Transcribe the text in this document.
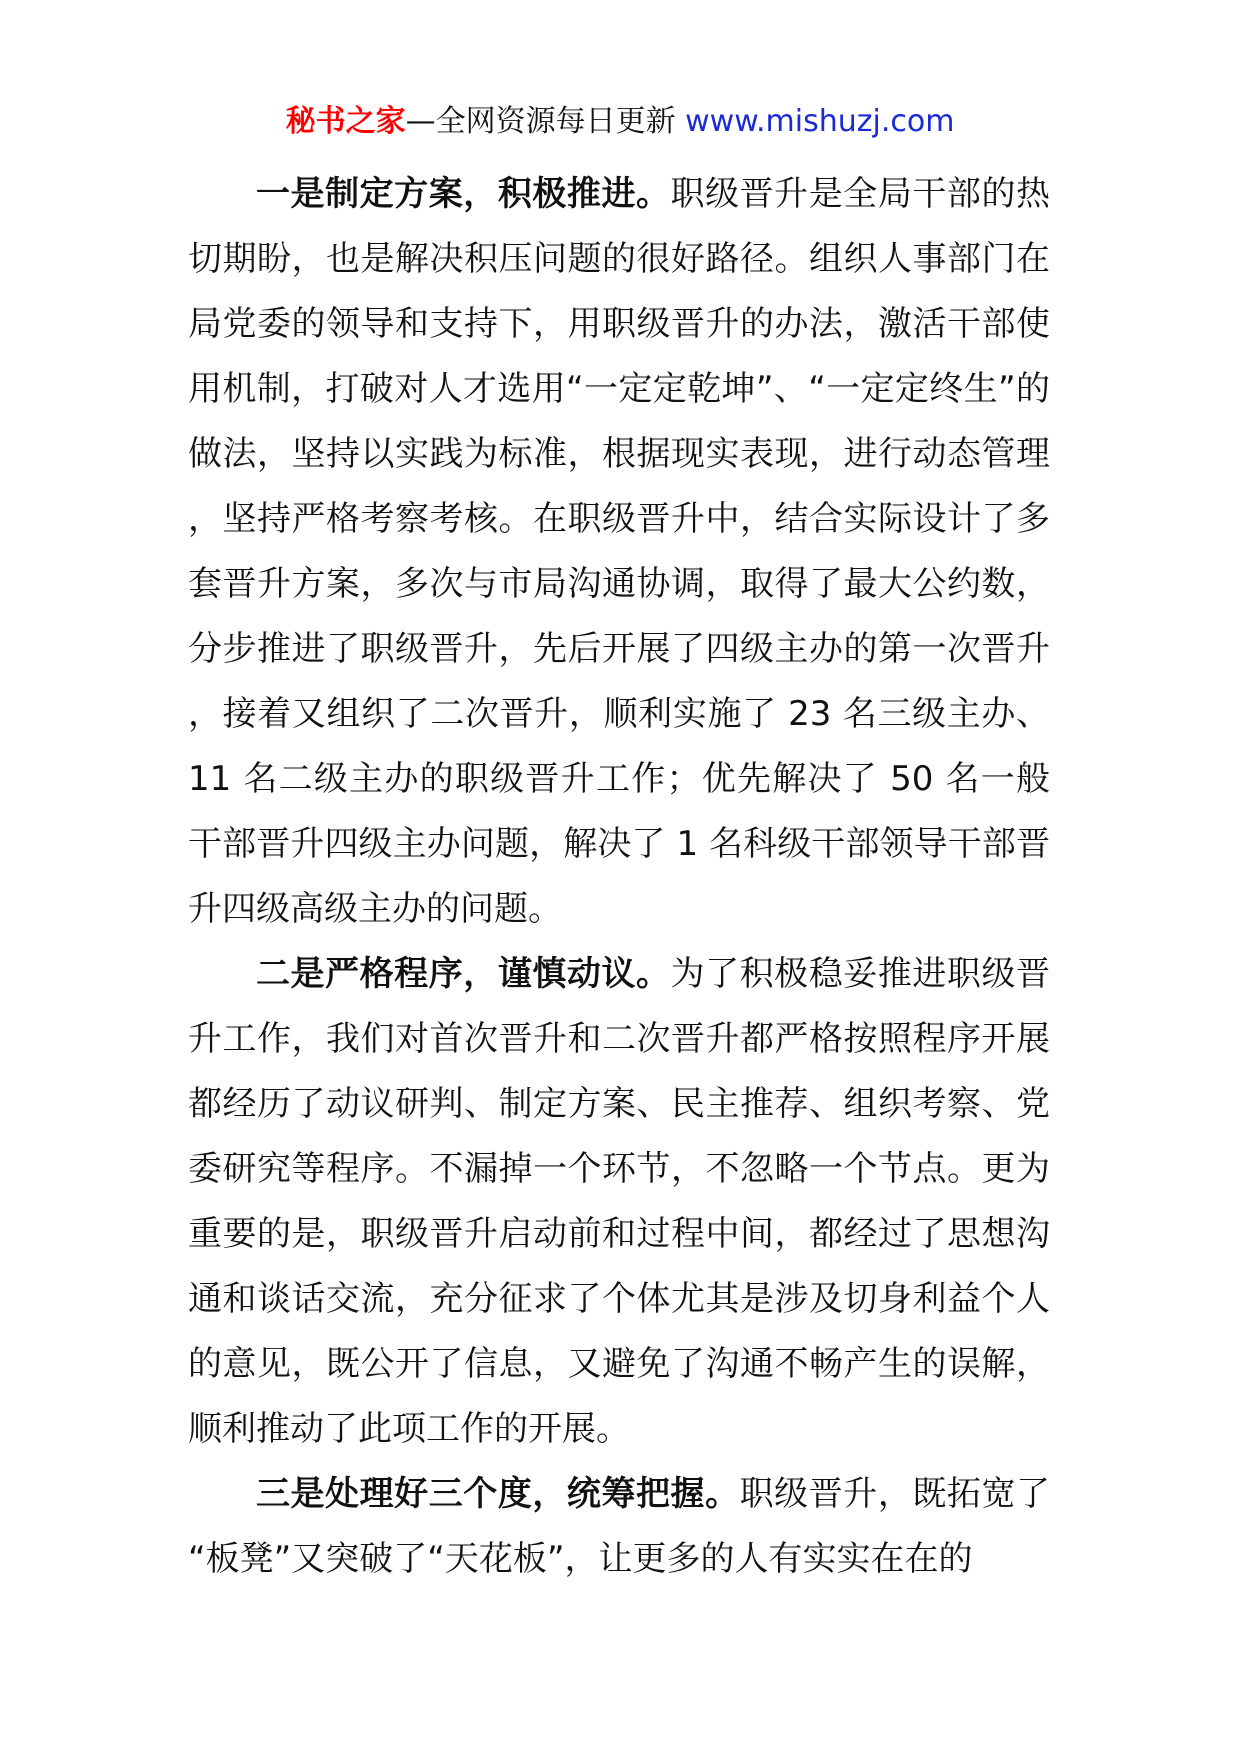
秘书之家—全网资源每日更新 www.mishuzj.com

一是制定方案，积极推进。职级晋升是全局干部的热切期盼，也是解决积压问题的很好路径。组织人事部门在局党委的领导和支持下，用职级晋升的办法，激活干部使用机制，打破对人才选用“一定定乾坤”、“一定定终生”的做法，坚持以实践为标准，根据现实表现，进行动态管理，坚持严格考察考核。在职级晋升中，结合实际设计了多套晋升方案，多次与市局沟通协调，取得了最大公约数，分步推进了职级晋升，先后开展了四级主办的第一次晋升，接着又组织了二次晋升，顺利实施了 23 名三级主办、11 名二级主办的职级晋升工作；优先解决了 50 名一般干部晋升四级主办问题，解决了 1 名科级干部领导干部晋升四级高级主办的问题。

二是严格程序，谨慎动议。为了积极稳妥推进职级晋升工作，我们对首次晋升和二次晋升都严格按照程序开展都经历了动议研判、制定方案、民主推荐、组织考察、党委研究等程序。不漏掉一个环节，不忽略一个节点。更为重要的是，职级晋升启动前和过程中间，都经过了思想沟通和谈话交流，充分征求了个体尤其是涉及切身利益个人的意见，既公开了信息，又避免了沟通不畅产生的误解，顺利推动了此项工作的开展。

三是处理好三个度，统筹把握。职级晋升，既拓宽了“板凳”又突破了“天花板”，让更多的人有实实在在的
